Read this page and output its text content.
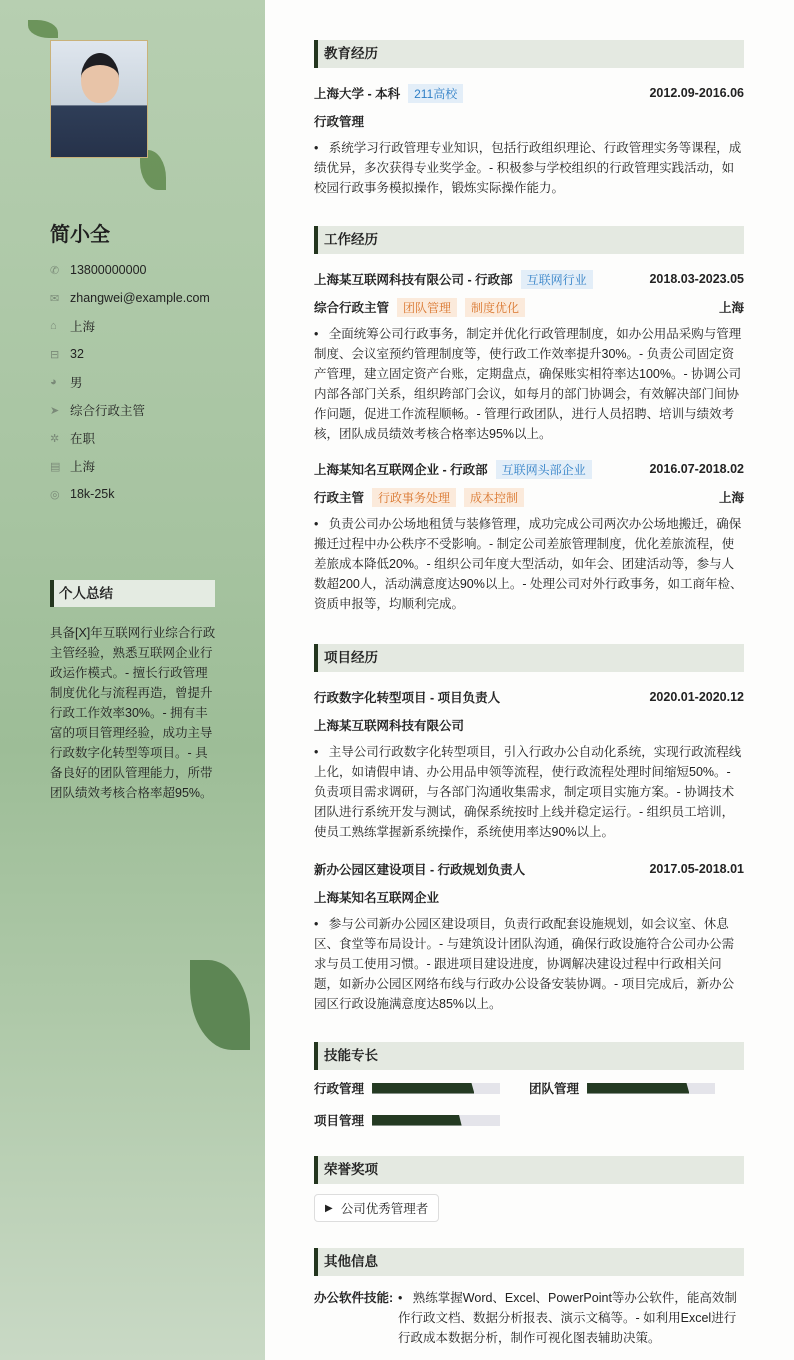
简小全
✆ 13800000000
✉ zhangwei@example.com
⌂	上海
⊟ 32
◕	男
➤ 综合行政主管
✲ 在职
▤ 上海
◎ 18k-25k
个人总结
具备[X]年互联网行业综合行政主管经验，熟悉互联网企业行政运作模式。- 擅长行政管理制度优化与流程再造，曾提升行政工作效率30%。- 拥有丰富的项目管理经验，成功主导行政数字化转型等项目。- 具备良好的团队管理能力，所带团队绩效考核合格率超95%。
教育经历
上海大学 - 本科	211高校	2012.09-2016.06
行政管理
•   系统学习行政管理专业知识，包括行政组织理论、行政管理实务等课程，成绩优异，多次获得专业奖学金。- 积极参与学校组织的行政管理实践活动，如校园行政事务模拟操作，锻炼实际操作能力。
工作经历
上海某互联网科技有限公司 - 行政部	互联网行业	2018.03-2023.05
综合行政主管	团队管理	制度优化	上海
•   全面统筹公司行政事务，制定并优化行政管理制度，如办公用品采购与管理制度、会议室预约管理制度等，使行政工作效率提升30%。- 负责公司固定资产管理，建立固定资产台账，定期盘点，确保账实相符率达100%。- 协调公司内部各部门关系，组织跨部门会议，如每月的部门协调会，有效解决部门间协作问题，促进工作流程顺畅。- 管理行政团队，进行人员招聘、培训与绩效考核，团队成员绩效考核合格率达95%以上。
上海某知名互联网企业 - 行政部	互联网头部企业	2016.07-2018.02
行政主管	行政事务处理	成本控制	上海
•   负责公司办公场地租赁与装修管理，成功完成公司两次办公场地搬迁，确保搬迁过程中办公秩序不受影响。- 制定公司差旅管理制度，优化差旅流程，使差旅成本降低20%。- 组织公司年度大型活动，如年会、团建活动等，参与人数超200人，活动满意度达90%以上。- 处理公司对外行政事务，如工商年检、资质申报等，均顺利完成。
项目经历
行政数字化转型项目 - 项目负责人	2020.01-2020.12
上海某互联网科技有限公司
•   主导公司行政数字化转型项目，引入行政办公自动化系统，实现行政流程线上化，如请假申请、办公用品申领等流程，使行政流程处理时间缩短50%。- 负责项目需求调研，与各部门沟通收集需求，制定项目实施方案。- 协调技术团队进行系统开发与测试，确保系统按时上线并稳定运行。- 组织员工培训，使员工熟练掌握新系统操作，系统使用率达90%以上。
新办公园区建设项目 - 行政规划负责人	2017.05-2018.01
上海某知名互联网企业
•   参与公司新办公园区建设项目，负责行政配套设施规划，如会议室、休息区、食堂等布局设计。- 与建筑设计团队沟通，确保行政设施符合公司办公需求与员工使用习惯。- 跟进项目建设进度，协调解决建设过程中行政相关问题，如新办公园区网络布线与行政办公设备安装协调。- 项目完成后，新办公园区行政设施满意度达85%以上。
技能专长
行政管理	团队管理
项目管理
荣誉奖项
▶ 公司优秀管理者
其他信息
办公软件技能: •   熟练掌握Word、Excel、PowerPoint等办公软件，能高效制作行政文档、数据分析报表、演示文稿等。- 如利用Excel进行行政成本数据分析，制作可视化图表辅助决策。
